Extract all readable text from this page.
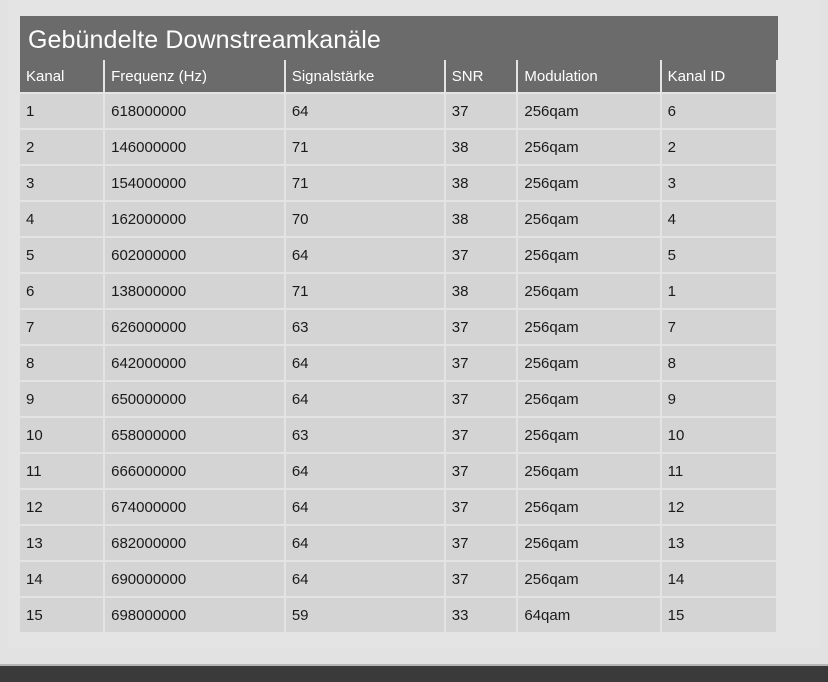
Gebündelte Downstreamkanäle
Kanal	Frequenz (Hz)	Signalstärke	SNR	Modulation	Kanal ID
1	618000000	64	37	256qam	6
2	146000000	71	38	256qam	2
3	154000000	71	38	256qam	3
4	162000000	70	38	256qam	4
5	602000000	64	37	256qam	5
6	138000000	71	38	256qam	1
7	626000000	63	37	256qam	7
8	642000000	64	37	256qam	8
9	650000000	64	37	256qam	9
10	658000000	63	37	256qam	10
11	666000000	64	37	256qam	11
12	674000000	64	37	256qam	12
13	682000000	64	37	256qam	13
14	690000000	64	37	256qam	14
15	698000000	59	33	64qam	15
